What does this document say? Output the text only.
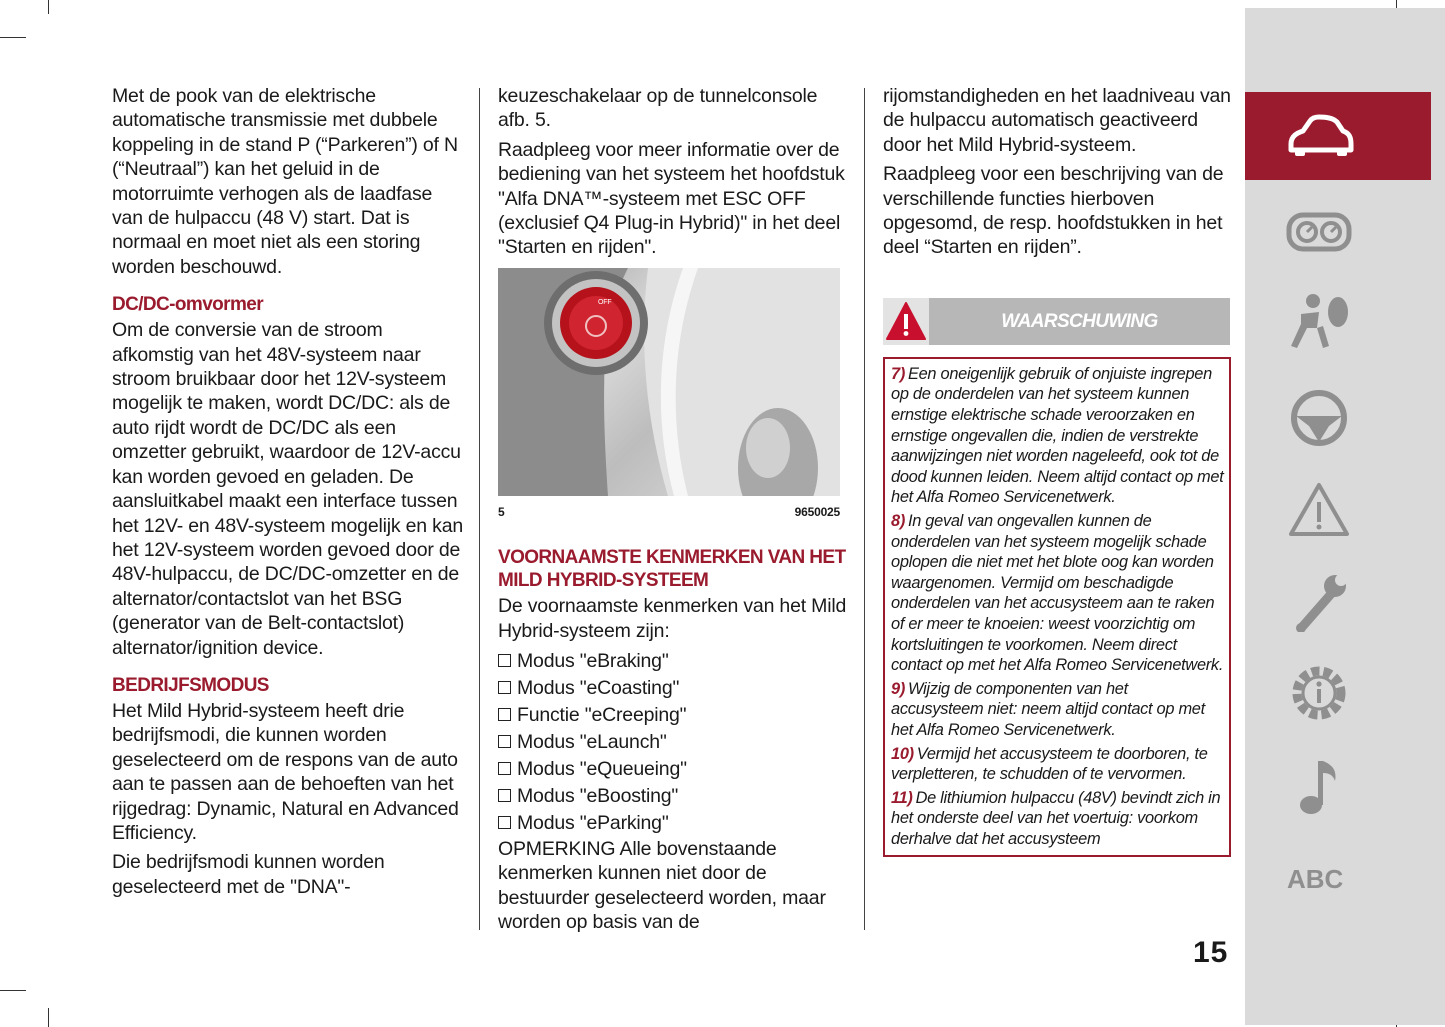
Met de pook van de elektrische automatische transmissie met dubbele koppeling in de stand P (“Parkeren”) of N (“Neutraal”) kan het geluid in de motorruimte verhogen als de laadfase van de hulpaccu (48 V) start. Dat is normaal en moet niet als een storing worden beschouwd.

DC/DC-omvormer

Om de conversie van de stroom afkomstig van het 48V-systeem naar stroom bruikbaar door het 12V-systeem mogelijk te maken, wordt DC/DC: als de auto rijdt wordt de DC/DC als een omzetter gebruikt, waardoor de 12V-accu kan worden gevoed en geladen. De aansluitkabel maakt een interface tussen het 12V- en 48V-systeem mogelijk en kan het 12V-systeem worden gevoed door de 48V-hulpaccu, de DC/DC-omzetter en de alternator/contactslot van het BSG (generator van de Belt-contactslot) alternator/ignition device.

BEDRIJFSMODUS

Het Mild Hybrid-systeem heeft drie bedrijfsmodi, die kunnen worden geselecteerd om de respons van de auto aan te passen aan de behoeften van het rijgedrag: Dynamic, Natural en Advanced Efficiency.

Die bedrijfsmodi kunnen worden geselecteerd met de "DNA"-

keuzeschakelaar op de tunnelconsole afb. 5.

Raadpleeg voor meer informatie over de bediening van het systeem het hoofdstuk "Alfa DNA™-systeem met ESC OFF (exclusief Q4 Plug-in Hybrid)" in het deel "Starten en rijden".

OFF
5	9650025
VOORNAAMSTE KENMERKEN VAN HET MILD HYBRID-SYSTEEM

De voornaamste kenmerken van het Mild Hybrid-systeem zijn:

Modus "eBraking"
Modus "eCoasting"
Functie "eCreeping"
Modus "eLaunch"
Modus "eQueueing"
Modus "eBoosting"
Modus "eParking"

OPMERKING Alle bovenstaande kenmerken kunnen niet door de bestuurder geselecteerd worden, maar worden op basis van de

rijomstandigheden en het laadniveau van de hulpaccu automatisch geactiveerd door het Mild Hybrid-systeem.

Raadpleeg voor een beschrijving van de verschillende functies hierboven opgesomd, de resp. hoofdstukken in het deel “Starten en rijden”.

WAARSCHUWING

7) Een oneigenlijk gebruik of onjuiste ingrepen op de onderdelen van het systeem kunnen ernstige elektrische schade veroorzaken en ernstige ongevallen die, indien de verstrekte aanwijzingen niet worden nageleefd, ook tot de dood kunnen leiden. Neem altijd contact op met het Alfa Romeo Servicenetwerk.

8) In geval van ongevallen kunnen de onderdelen van het systeem mogelijk schade oplopen die niet met het blote oog kan worden waargenomen. Vermijd om beschadigde onderdelen van het accusysteem aan te raken of er meer te knoeien: weest voorzichtig om kortsluitingen te voorkomen. Neem direct contact op met het Alfa Romeo Servicenetwerk.

9) Wijzig de componenten van het accusysteem niet: neem altijd contact op met het Alfa Romeo Servicenetwerk.

10) Vermijd het accusysteem te doorboren, te verpletteren, te schudden of te vervormen.

11) De lithiumion hulpaccu (48V) bevindt zich in het onderste deel van het voertuig: voorkom derhalve dat het accusysteem

15
ABC
